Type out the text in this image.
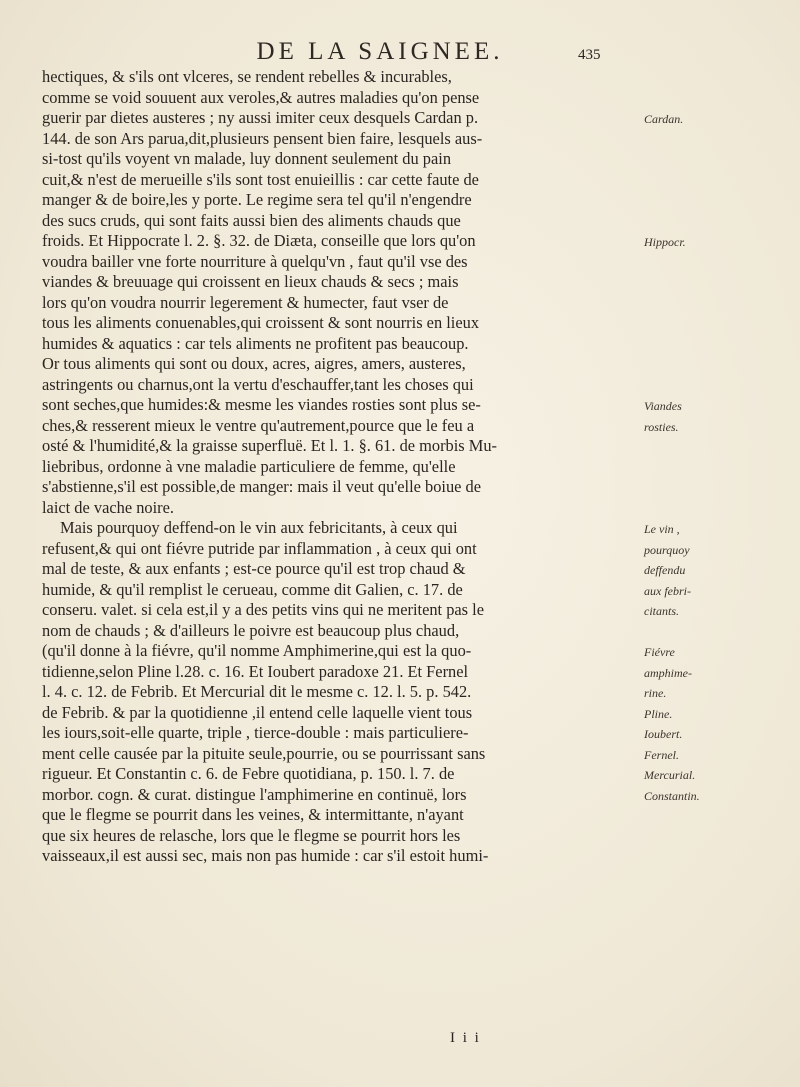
DE LA SAIGNEE.	435
hectiques, & s'ils ont vlceres, se rendent rebelles & incurables,
comme se void souuent aux veroles,& autres maladies qu'on pense
guerir par dietes austeres ; ny aussi imiter ceux desquels Cardan p.
144. de son Ars parua,dit,plusieurs pensent bien faire, lesquels aus-
si-tost qu'ils voyent vn malade, luy donnent seulement du pain
cuit,& n'est de merueille s'ils sont tost enuieillis : car cette faute de
manger & de boire,les y porte. Le regime sera tel qu'il n'engendre
des sucs cruds, qui sont faits aussi bien des aliments chauds que
froids. Et Hippocrate l. 2. §. 32. de Diæta, conseille que lors qu'on
voudra bailler vne forte nourriture à quelqu'vn , faut qu'il vse des
viandes & breuuage qui croissent en lieux chauds & secs ; mais
lors qu'on voudra nourrir legerement & humecter, faut vser de
tous les aliments conuenables,qui croissent & sont nourris en lieux
humides & aquatics : car tels aliments ne profitent pas beaucoup.
Or tous aliments qui sont ou doux, acres, aigres, amers, austeres,
astringents ou charnus,ont la vertu d'eschauffer,tant les choses qui
sont seches,que humides:& mesme les viandes rosties sont plus se-
ches,& resserent mieux le ventre qu'autrement,pource que le feu a
osté & l'humidité,& la graisse superfluë. Et l. 1. §. 61. de morbis Mu-
liebribus, ordonne à vne maladie particuliere de femme, qu'elle
s'abstienne,s'il est possible,de manger: mais il veut qu'elle boiue de
laict de vache noire.
Mais pourquoy deffend-on le vin aux febricitants, à ceux qui
refusent,& qui ont fiévre putride par inflammation , à ceux qui ont
mal de teste, & aux enfants ; est-ce pource qu'il est trop chaud &
humide, & qu'il remplist le cerueau, comme dit Galien, c. 17. de
conseru. valet. si cela est,il y a des petits vins qui ne meritent pas le
nom de chauds ; & d'ailleurs le poivre est beaucoup plus chaud,
(qu'il donne à la fiévre, qu'il nomme Amphimerine,qui est la quo-
tidienne,selon Pline l.28. c. 16. Et Ioubert paradoxe 21. Et Fernel
l. 4. c. 12. de Febrib. Et Mercurial dit le mesme c. 12. l. 5. p. 542.
de Febrib. & par la quotidienne ,il entend celle laquelle vient tous
les iours,soit-elle quarte, triple , tierce-double : mais particuliere-
ment celle causée par la pituite seule,pourrie, ou se pourrissant sans
rigueur. Et Constantin c. 6. de Febre quotidiana, p. 150. l. 7. de
morbor. cogn. & curat. distingue l'amphimerine en continuë, lors
que le flegme se pourrit dans les veines, & intermittante, n'ayant
que six heures de relasche, lors que le flegme se pourrit hors les
vaisseaux,il est aussi sec, mais non pas humide : car s'il estoit humi-
Cardan.
Hippocr.
Viandes
rosties.
Le vin ,
pourquoy
deffendu
aux febri-
citants.
Fiévre
amphime-
rine.
Pline.
Ioubert.
Fernel.
Mercurial.
Constantin.
I i i
